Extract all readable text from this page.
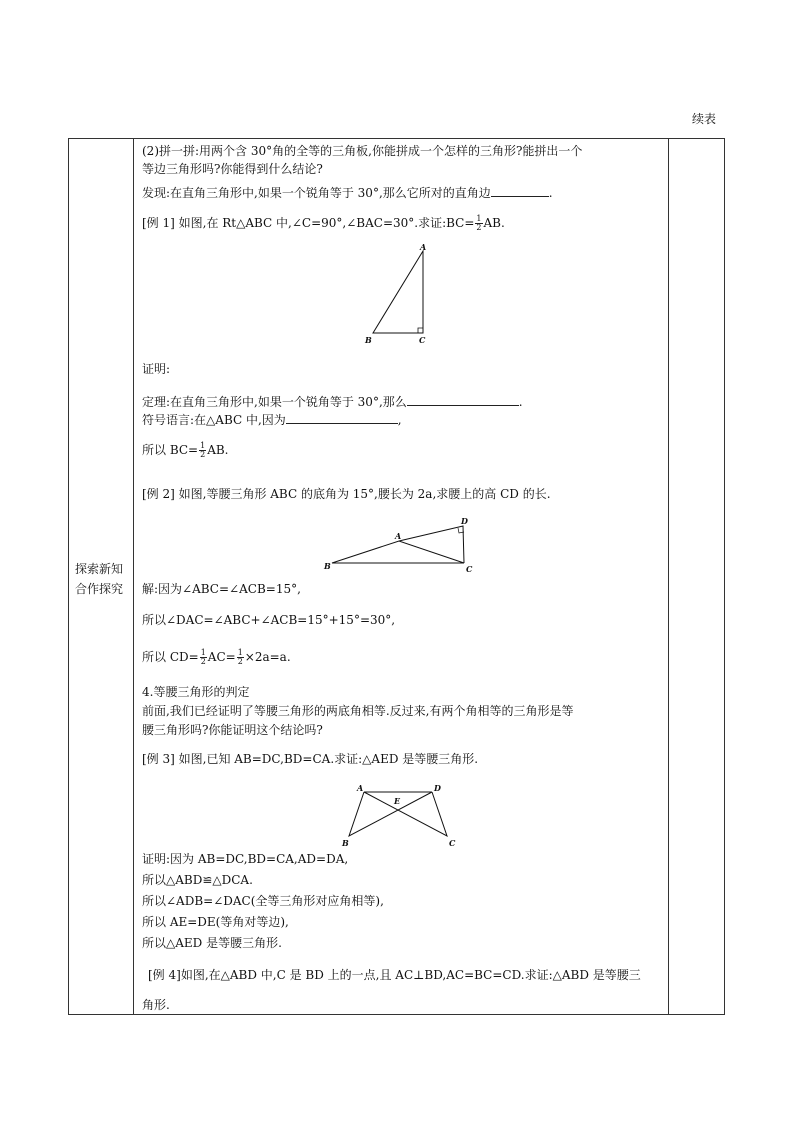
续表
探索新知
合作探究

(2)拼一拼:用两个含 30°角的全等的三角板,你能拼成一个怎样的三角形?能拼出一个
等边三角形吗?你能得到什么结论?
发现:在直角三角形中,如果一个锐角等于 30°,那么它所对的直角边	.
[例 1] 如图,在 Rt△ABC 中,∠C=90°,∠BAC=30°.求证:BC= $\frac{1}{2}$ AB.
A
B	C
证明:
定理:在直角三角形中,如果一个锐角等于 30°,那么	.
符号语言:在△ABC 中,因为	,
所以 $BC= \frac{1}{2}$ AB.
[例 2] 如图,等腰三角形 ABC 的底角为 15°,腰长为 2a,求腰上的高 CD 的长.
A
B	C
D
解:因为∠ABC=∠ACB=15°,
所以∠DAC=∠ABC+∠ACB=15°+15°=30°,
所以 $CD= \frac{1}{2} AC= \frac{1}{2} \times 2a=a$.
4.等腰三角形的判定
前面,我们已经证明了等腰三角形的两底角相等.反过来,有两个角相等的三角形是等
腰三角形吗?你能证明这个结论吗?
[例 3] 如图,已知 AB=DC,BD=CA.求证:△AED 是等腰三角形.
A
B	C
D
E
证明:因为 AB=DC,BD=CA,AD=DA,
所以△ABD≌△DCA.
所以∠ADB=∠DAC(全等三角形对应角相等),
所以 AE=DE(等角对等边),
所以△AED 是等腰三角形.
[例 4]如图,在△ABD 中,C 是 BD 上的一点,且 AC⊥BD,AC=BC=CD.求证:△ABD 是等腰三
角形.
